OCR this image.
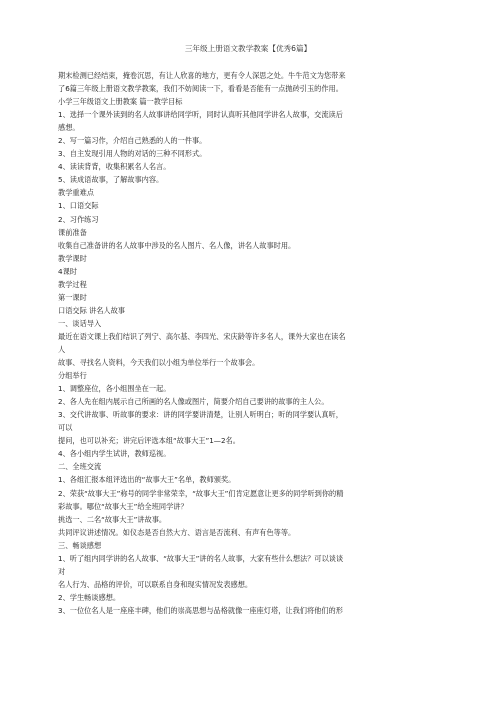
三年级上册语文教学教案【优秀6篇】
期末检测已经结束，掩卷沉思，有让人欣喜的地方，更有令人深思之处。牛牛范文为您带来
了6篇三年级上册语文教学教案，我们不妨阅读一下，看看是否能有一点抛砖引玉的作用。
小学三年级语文上册教案 篇一教学目标
1、选择一个课外读到的名人故事讲给同学听，同时认真听其他同学讲名人故事，交流读后
感想。
2、写一篇习作，介绍自己熟悉的人的一件事。
3、自主发现引用人物的对话的三种不同形式。
4、读读背背，收集积累名人名言。
5、读成语故事，了解故事内容。
教学重难点
1、口语交际
2、习作练习
课前准备
收集自己准备讲的名人故事中涉及的名人图片、名人像，讲名人故事时用。
教学课时
4课时
教学过程
第一课时
口语交际 讲名人故事
一、谈话导入
最近在语文课上我们结识了列宁、高尔基、李四光、宋庆龄等许多名人，课外大家也在读名
人
故事、寻找名人资料，今天我们以小组为单位举行一个故事会。
分组举行
1、调整座位，各小组围坐在一起。
2、各人先在组内展示自己所画的名人像或图片，简要介绍自己要讲的故事的主人公。
3、交代讲故事、听故事的要求：讲的同学要讲清楚，让别人听明白；听的同学要认真听，
可以
提问，也可以补充；讲完后评选本组“故事大王”1—2名。
4、各小组内学生试讲，教师巡视。
二、全班交流
1、各组汇报本组评选出的“故事大王”名单，教师颁奖。
2、荣获“故事大王”称号的同学非常荣幸，“故事大王”们肯定愿意让更多的同学听到你的精
彩故事。哪位“故事大王”给全班同学讲？
挑选一、二名“故事大王”讲故事。
共同评议讲述情况。如仪态是否自然大方、语言是否流利、有声有色等等。
三、畅谈感想
1、听了组内同学讲的名人故事、“故事大王”讲的名人故事，大家有些什么想法？可以谈谈
对
名人行为、品格的评价，可以联系自身和现实情况发表感想。
2、学生畅谈感想。
3、一位位名人是一座座丰碑，他们的崇高思想与品格就像一座座灯塔，让我们将他们的形
